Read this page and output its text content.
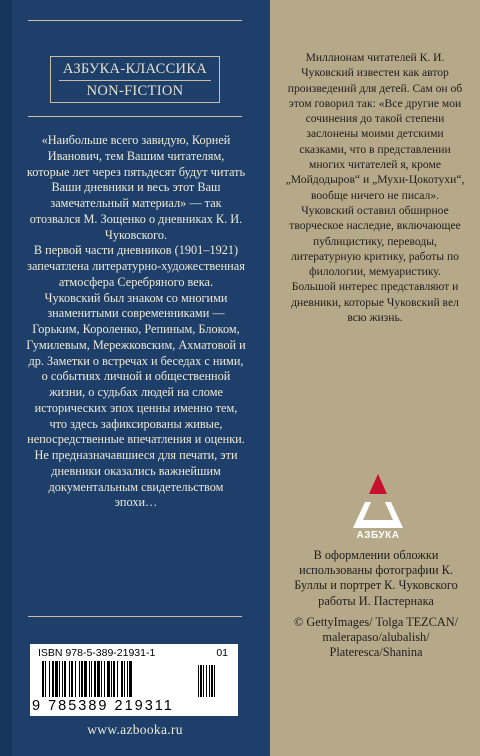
АЗБУКА-КЛАССИКА
NON-FICTION

«Наибольше всего завидую, Корней Иванович, тем Вашим читателям, которые лет через пятьдесят будут читать Ваши дневники и весь этот Ваш замечательный материал» — так отозвался М. Зощенко о дневниках К. И. Чуковского.

В первой части дневников (1901–1921) запечатлена литературно-художественная атмосфера Серебряного века.

Чуковский был знаком со многими знаменитыми современниками — Горьким, Короленко, Репиным, Блоком, Гумилевым, Мережковским, Ахматовой и др. Заметки о встречах и беседах с ними, о событиях личной и общественной жизни, о судьбах людей на сломе исторических эпох ценны именно тем, что здесь зафиксированы живые, непосредственные впечатления и оценки.

Не предназначавшиеся для печати, эти дневники оказались важнейшим документальным свидетельством эпохи…

Миллионам читателей К. И. Чуковский известен как автор произведений для детей. Сам он об этом говорил так: «Все другие мои сочинения до такой степени заслонены моими детскими сказками, что в представлении многих читателей я, кроме „Мойдодыров“ и „Мухи-Цокотухи“, вообще ничего не писал».

Чуковский оставил обширное творческое наследие, включающее публицистику, переводы, литературную критику, работы по филологии, мемуаристику.

Большой интерес представляют и дневники, которые Чуковский вел всю жизнь.

АЗБУКА

В оформлении обложки использованы фотографии К. Буллы и портрет К. Чуковского работы И. Пастернака

© GettyImages/ Tolga TEZCAN/ malerapaso/alubalish/ Plateresca/Shanina

ISBN 978-5-389-21931-1	01
9 785389 219311
www.azbooka.ru
